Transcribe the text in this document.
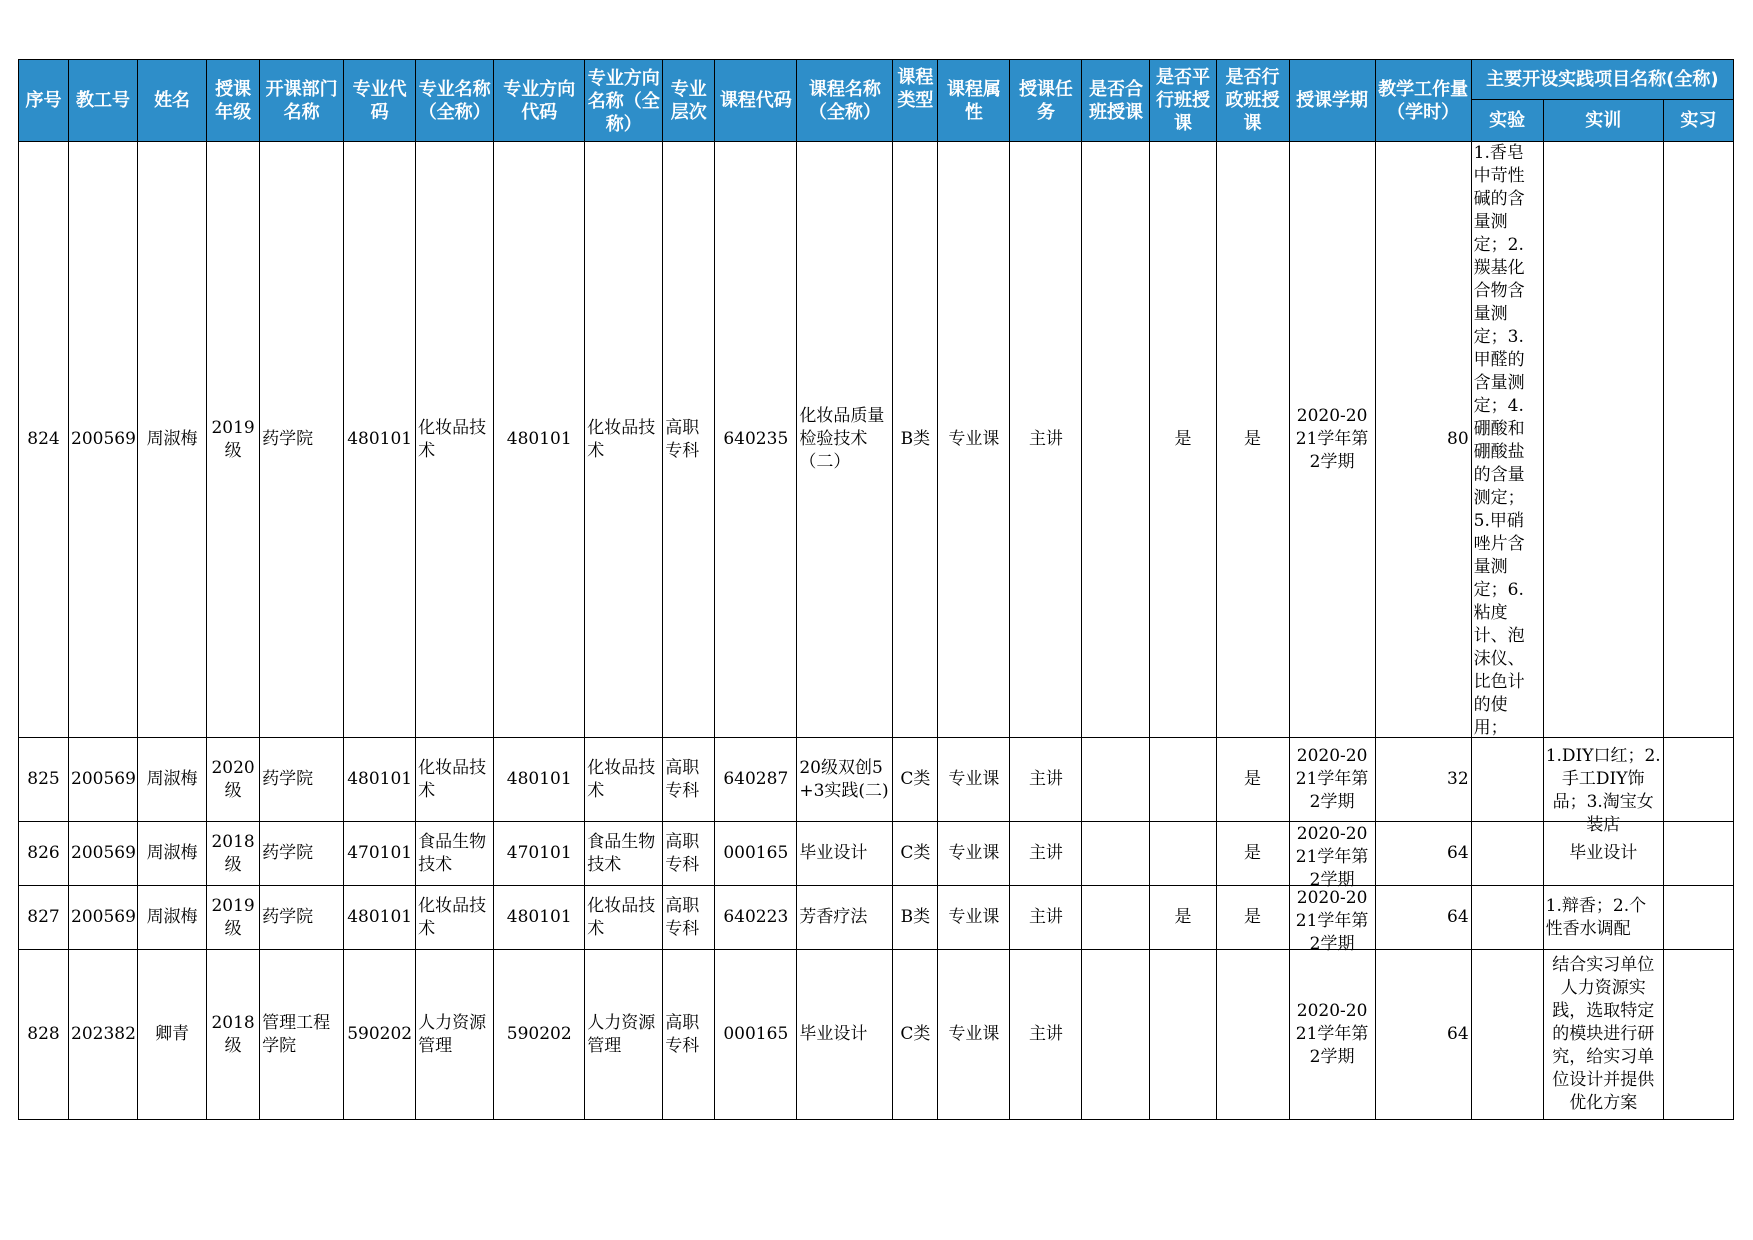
序号	教工号	姓名	授课年级	开课部门名称	专业代码	专业名称（全称）	专业方向代码	专业方向名称（全称）	专业层次	课程代码	课程名称（全称）	课程类型	课程属性	授课任务	是否合班授课	是否平行班授课	是否行政班授课	授课学期	教学工作量（学时）	主要开设实践项目名称(全称)		
																				实验	实训	实习
824	200569	周淑梅	2019级	药学院	480101	化妆品技术	480101	化妆品技术	高职专科	640235	化妆品质量检验技术（二）	B类	专业课	主讲		是	是	2020-2021学年第2学期	80	1.香皂中苛性碱的含量测定；2.羰基化合物含量测定；3.甲醛的含量测定；4.硼酸和硼酸盐的含量测定；5.甲硝唑片含量测定；6.粘度计、泡沫仪、比色计的使用；		

825	200569	周淑梅	2020级	药学院	480101	化妆品技术	480101	化妆品技术	高职专科	640287	20级双创5+3实践(二)	C类	专业课	主讲			是	2020-2021学年第2学期	32		1.DIY口红；2. 手工DIY饰品；3.淘宝女装店	

826	200569	周淑梅	2018级	药学院	470101	食品生物技术	470101	食品生物技术	高职专科	000165	毕业设计	C类	专业课	主讲			是	2020-2021学年第2学期	64		毕业设计	
827	200569	周淑梅	2019级	药学院	480101	化妆品技术	480101	化妆品技术	高职专科	640223	芳香疗法	B类	专业课	主讲		是	是	2020-2021学年第2学期	64		1.辩香；2.个性香水调配	
828	202382	卿青	2018级	管理工程学院	590202	人力资源管理	590202	人力资源管理	高职专科	000165	毕业设计	C类	专业课	主讲				2020-2021学年第2学期	64		结合实习单位人力资源实践，选取特定的模块进行研究，给实习单位设计并提供优化方案	
